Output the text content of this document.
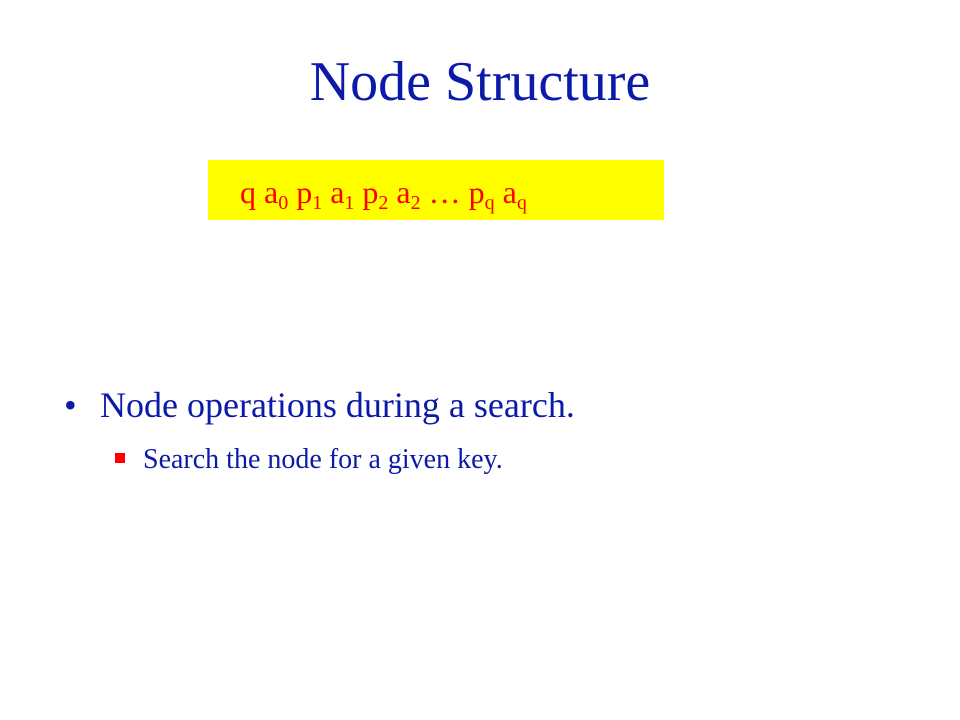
Node Structure
q $a_0$ $p_1$ $a_1$ $p_2$ $a_2$ … $p_q$ $a_q$
• Node operations during a search.
Search the node for a given key.
